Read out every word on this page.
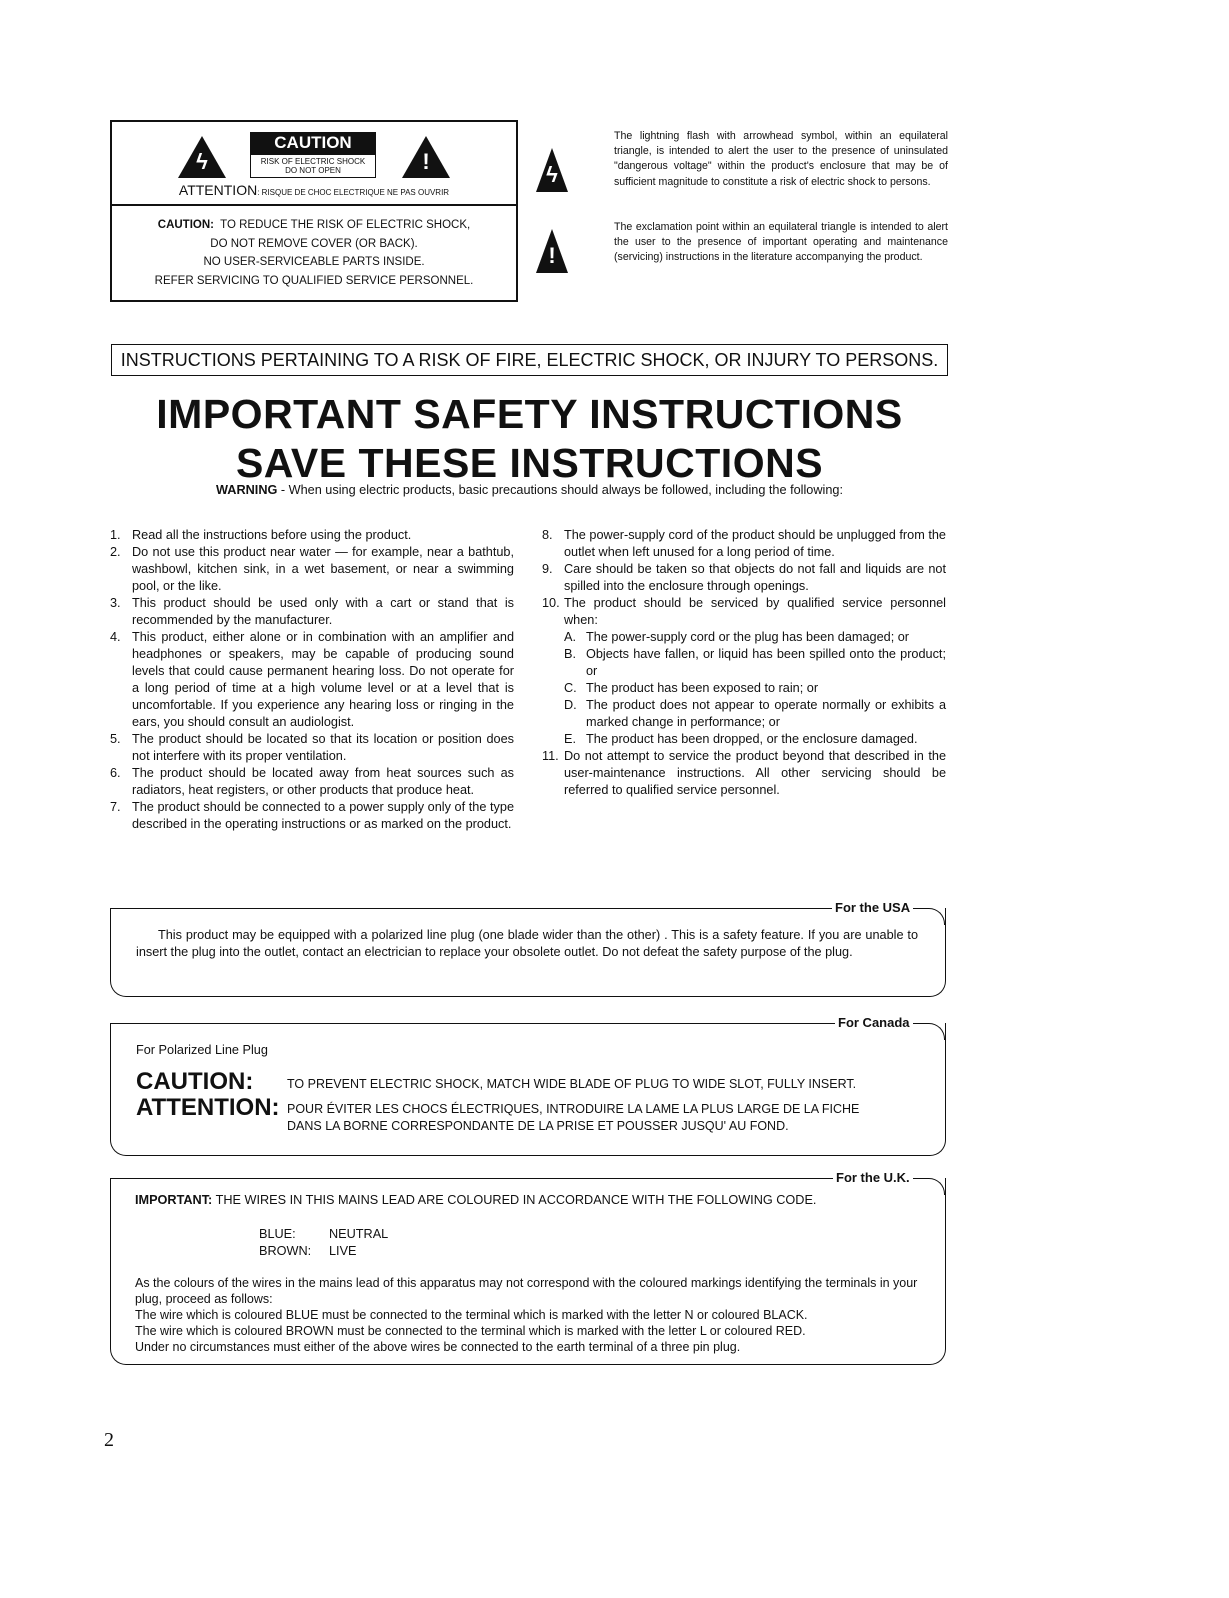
ϟ
CAUTION
RISK OF ELECTRIC SHOCK
DO NOT OPEN	!
ATTENTION: RISQUE DE CHOC ELECTRIQUE NE PAS OUVRIR
CAUTION: TO REDUCE THE RISK OF ELECTRIC SHOCK,
DO NOT REMOVE COVER (OR BACK).
NO USER-SERVICEABLE PARTS INSIDE.
REFER SERVICING TO QUALIFIED SERVICE PERSONNEL.
ϟ
The lightning flash with arrowhead symbol, within an equilateral triangle, is intended to alert the user to the presence of uninsulated "dangerous voltage" within the product's enclosure that may be of sufficient magnitude to constitute a risk of electric shock to persons.
!
The exclamation point within an equilateral triangle is intended to alert the user to the presence of important operating and maintenance (servicing) instructions in the literature accompanying the product.
INSTRUCTIONS PERTAINING TO A RISK OF FIRE, ELECTRIC SHOCK, OR INJURY TO PERSONS.
IMPORTANT SAFETY INSTRUCTIONS
SAVE THESE INSTRUCTIONS
WARNING - When using electric products, basic precautions should always be followed, including the following:
1. Read all the instructions before using the product.
2. Do not use this product near water — for example, near a bathtub, washbowl, kitchen sink, in a wet basement, or near a swimming pool, or the like.
3. This product should be used only with a cart or stand that is recommended by the manufacturer.
4. This product, either alone or in combination with an amplifier and headphones or speakers, may be capable of producing sound levels that could cause permanent hearing loss. Do not operate for a long period of time at a high volume level or at a level that is uncomfortable. If you experience any hearing loss or ringing in the ears, you should consult an audiologist.
5. The product should be located so that its location or position does not interfere with its proper ventilation.
6. The product should be located away from heat sources such as radiators, heat registers, or other products that produce heat.
7. The product should be connected to a power supply only of the type described in the operating instructions or as marked on the product.
8. The power-supply cord of the product should be unplugged from the outlet when left unused for a long period of time.
9. Care should be taken so that objects do not fall and liquids are not spilled into the enclosure through openings.
10. The product should be serviced by qualified service personnel when:
A. The power-supply cord or the plug has been damaged; or
B. Objects have fallen, or liquid has been spilled onto the product; or
C. The product has been exposed to rain; or
D. The product does not appear to operate normally or exhibits a marked change in performance; or
E. The product has been dropped, or the enclosure damaged.
11. Do not attempt to service the product beyond that described in the user-maintenance instructions. All other servicing should be referred to qualified service personnel.
For the USA
This product may be equipped with a polarized line plug (one blade wider than the other) . This is a safety feature. If you are unable to insert the plug into the outlet, contact an electrician to replace your obsolete outlet. Do not defeat the safety purpose of the plug.
For Canada
For Polarized Line Plug
CAUTION:	TO PREVENT ELECTRIC SHOCK, MATCH WIDE BLADE OF PLUG TO WIDE SLOT, FULLY INSERT.
ATTENTION: POUR ÉVITER LES CHOCS ÉLECTRIQUES, INTRODUIRE LA LAME LA PLUS LARGE DE LA FICHE
DANS LA BORNE CORRESPONDANTE DE LA PRISE ET POUSSER JUSQU' AU FOND.
For the U.K.
IMPORTANT: THE WIRES IN THIS MAINS LEAD ARE COLOURED IN ACCORDANCE WITH THE FOLLOWING CODE.
BLUE:	NEUTRAL
BROWN:	LIVE
As the colours of the wires in the mains lead of this apparatus may not correspond with the coloured markings identifying the terminals in your plug, proceed as follows:
The wire which is coloured BLUE must be connected to the terminal which is marked with the letter N or coloured BLACK.
The wire which is coloured BROWN must be connected to the terminal which is marked with the letter L or coloured RED.
Under no circumstances must either of the above wires be connected to the earth terminal of a three pin plug.
2
